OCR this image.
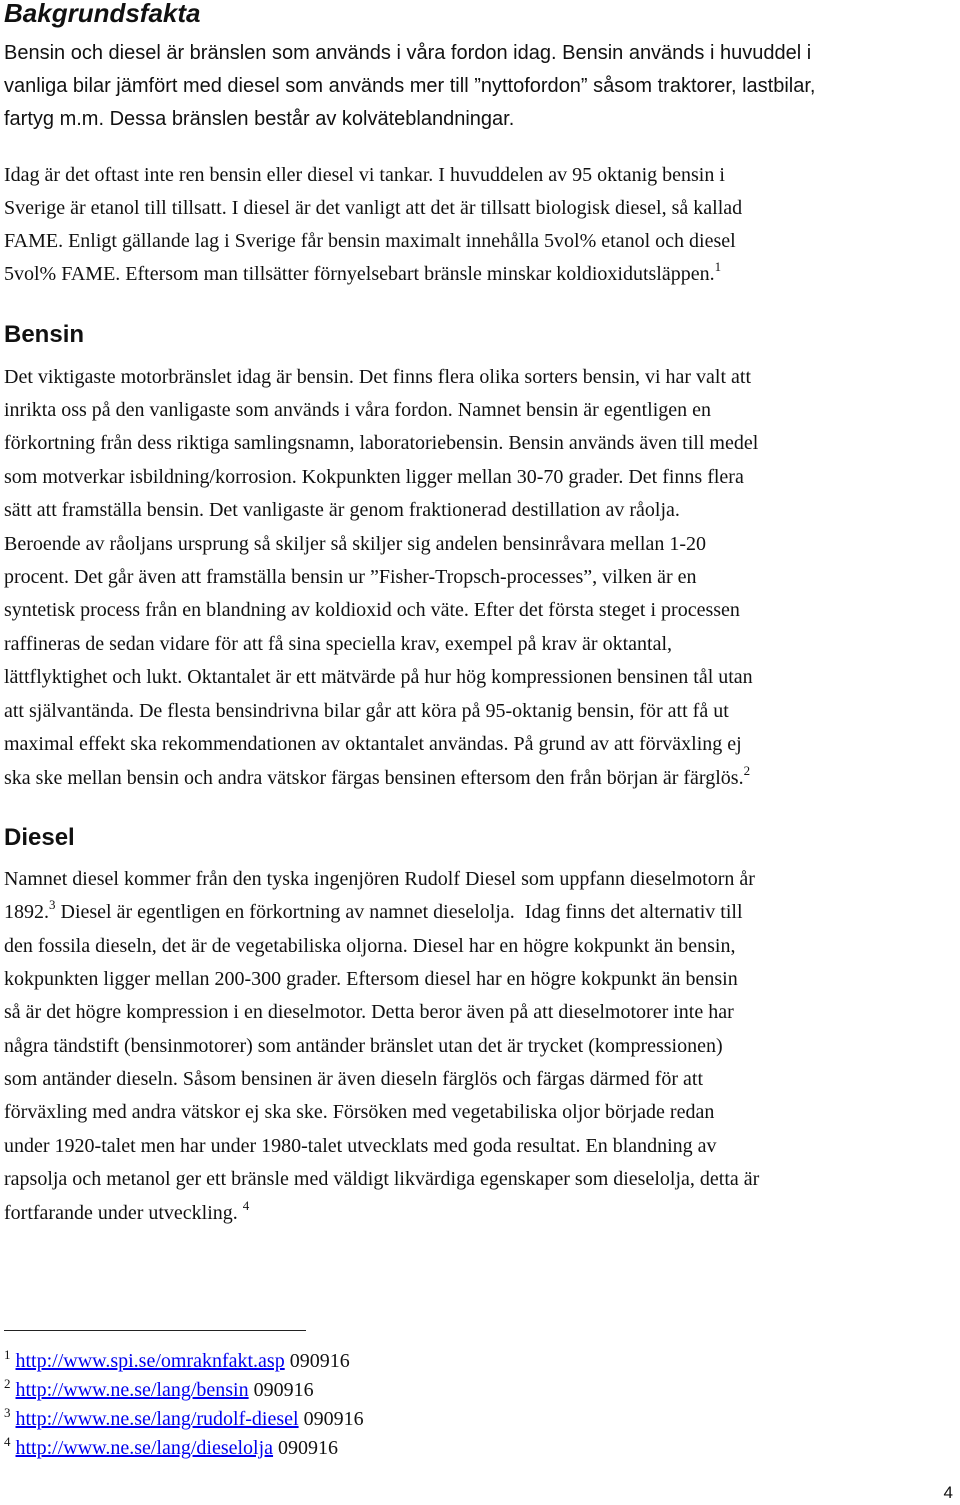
Bakgrundsfakta
Bensin och diesel är bränslen som används i våra fordon idag. Bensin används i huvuddel i
vanliga bilar jämfört med diesel som används mer till ”nyttofordon” såsom traktorer, lastbilar,
fartyg m.m. Dessa bränslen består av kolväteblandningar.
Idag är det oftast inte ren bensin eller diesel vi tankar. I huvuddelen av 95 oktanig bensin i
Sverige är etanol till tillsatt. I diesel är det vanligt att det är tillsatt biologisk diesel, så kallad
FAME. Enligt gällande lag i Sverige får bensin maximalt innehålla 5vol% etanol och diesel
5vol% FAME. Eftersom man tillsätter förnyelsebart bränsle minskar koldioxidutsläppen.$^1$
Bensin
Det viktigaste motorbränslet idag är bensin. Det finns flera olika sorters bensin, vi har valt att
inrikta oss på den vanligaste som används i våra fordon. Namnet bensin är egentligen en
förkortning från dess riktiga samlingsnamn, laboratoriebensin. Bensin används även till medel
som motverkar isbildning/korrosion. Kokpunkten ligger mellan 30-70 grader. Det finns flera
sätt att framställa bensin. Det vanligaste är genom fraktionerad destillation av råolja.
Beroende av råoljans ursprung så skiljer så skiljer sig andelen bensinråvara mellan 1-20
procent. Det går även att framställa bensin ur ”Fisher-Tropsch-processes”, vilken är en
syntetisk process från en blandning av koldioxid och väte. Efter det första steget i processen
raffineras de sedan vidare för att få sina speciella krav, exempel på krav är oktantal,
lättflyktighet och lukt. Oktantalet är ett mätvärde på hur hög kompressionen bensinen tål utan
att självantända. De flesta bensindrivna bilar går att köra på 95-oktanig bensin, för att få ut
maximal effekt ska rekommendationen av oktantalet användas. På grund av att förväxling ej
ska ske mellan bensin och andra vätskor färgas bensinen eftersom den från början är färglös.$^2$
Diesel
Namnet diesel kommer från den tyska ingenjören Rudolf Diesel som uppfann dieselmotorn år
1892.$^3$ Diesel är egentligen en förkortning av namnet dieselolja.  Idag finns det alternativ till
den fossila dieseln, det är de vegetabiliska oljorna. Diesel har en högre kokpunkt än bensin,
kokpunkten ligger mellan 200-300 grader. Eftersom diesel har en högre kokpunkt än bensin
så är det högre kompression i en dieselmotor. Detta beror även på att dieselmotorer inte har
några tändstift (bensinmotorer) som antänder bränslet utan det är trycket (kompressionen)
som antänder dieseln. Såsom bensinen är även dieseln färglös och färgas därmed för att
förväxling med andra vätskor ej ska ske. Försöken med vegetabiliska oljor började redan
under 1920-talet men har under 1980-talet utvecklats med goda resultat. En blandning av
rapsolja och metanol ger ett bränsle med väldigt likvärdiga egenskaper som dieselolja, detta är
fortfarande under utveckling. $^4$
$^1$ http://www.spi.se/omraknfakt.asp 090916
$^2$ http://www.ne.se/lang/bensin 090916
$^3$ http://www.ne.se/lang/rudolf-diesel 090916
$^4$ http://www.ne.se/lang/dieselolja 090916
4
